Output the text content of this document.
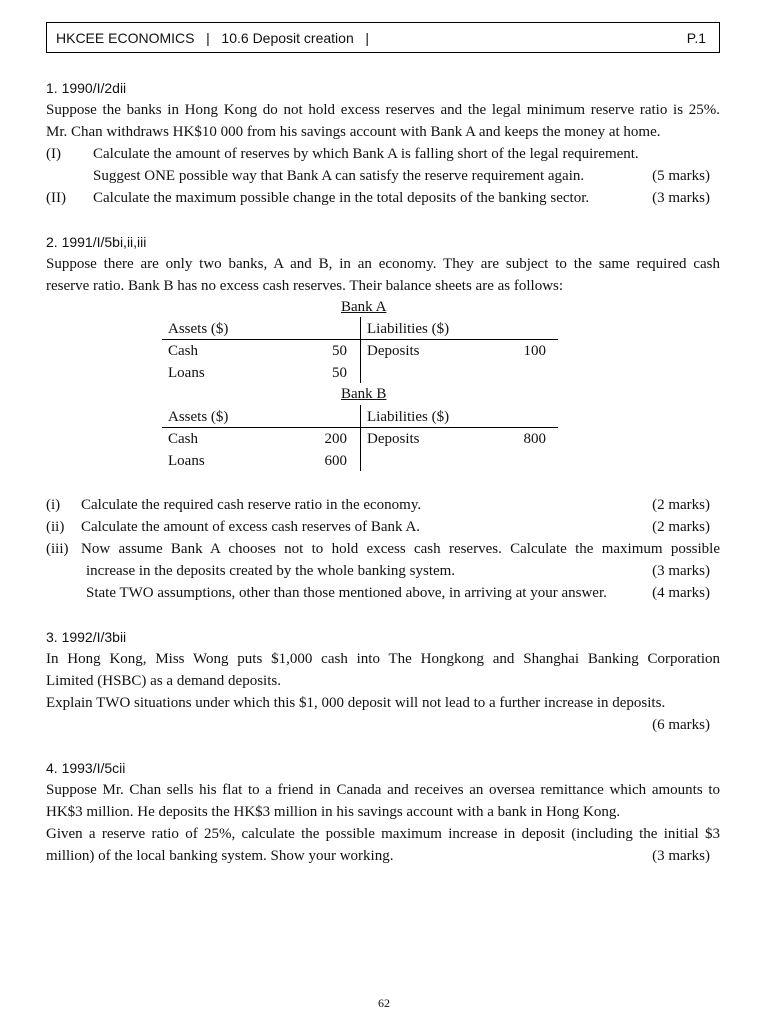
HKCEE ECONOMICS   |   10.6 Deposit creation   |	P.1
1. 1990/I/2dii
Suppose the banks in Hong Kong do not hold excess reserves and the legal minimum reserve ratio is 25%.
Mr. Chan withdraws HK$10 000 from his savings account with Bank A and keeps the money at home.
(I) Calculate the amount of reserves by which Bank A is falling short of the legal requirement.
Suggest ONE possible way that Bank A can satisfy the reserve requirement again.	(5 marks)
(II) Calculate the maximum possible change in the total deposits of the banking sector.	(3 marks)
2. 1991/I/5bi,ii,iii
Suppose there are only two banks, A and B, in an economy. They are subject to the same required cash
reserve ratio. Bank B has no excess cash reserves. Their balance sheets are as follows:
Bank A
Assets ($)	Liabilities ($)
Cash	50 Deposits	100
Loans	50
Bank B
Assets ($)	Liabilities ($)
Cash	200 Deposits	800
Loans	600
(i) Calculate the required cash reserve ratio in the economy.	(2 marks)
(ii) Calculate the amount of excess cash reserves of Bank A.	(2 marks)
(iii) Now assume Bank A chooses not to hold excess cash reserves. Calculate the maximum possible
increase in the deposits created by the whole banking system.	(3 marks)
State TWO assumptions, other than those mentioned above, in arriving at your answer.	(4 marks)
3. 1992/I/3bii
In Hong Kong, Miss Wong puts $1,000 cash into The Hongkong and Shanghai Banking Corporation
Limited (HSBC) as a demand deposits.
Explain TWO situations under which this $1, 000 deposit will not lead to a further increase in deposits.
(6 marks)
4. 1993/I/5cii
Suppose Mr. Chan sells his flat to a friend in Canada and receives an oversea remittance which amounts to
HK$3 million. He deposits the HK$3 million in his savings account with a bank in Hong Kong.
Given a reserve ratio of 25%, calculate the possible maximum increase in deposit (including the initial $3
million) of the local banking system. Show your working.	(3 marks)
62
